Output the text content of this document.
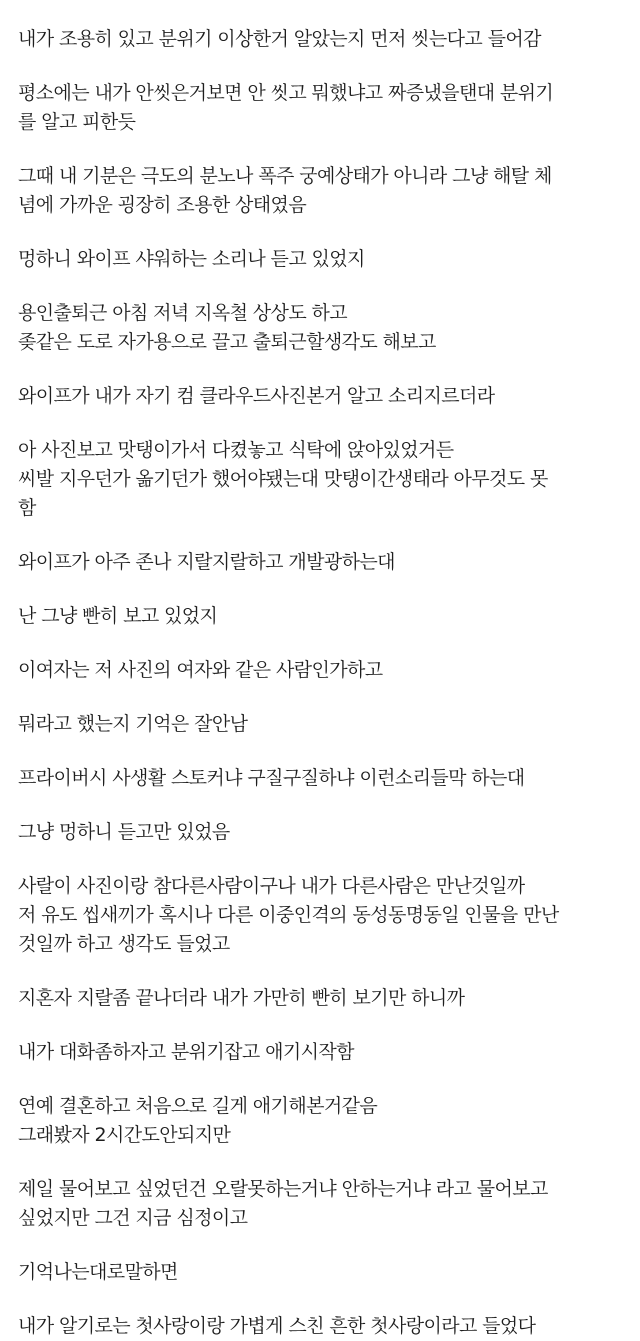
내가 조용히 있고 분위기 이상한거 알았는지 먼저 씻는다고 들어감
평소에는 내가 안씻은거보면 안 씻고 뭐했냐고 짜증냈을탠대 분위기
를 알고 피한듯
그때 내 기분은 극도의 분노나 폭주 궁예상태가 아니라 그냥 해탈 체
념에 가까운 굉장히 조용한 상태였음
멍하니 와이프 샤워하는 소리나 듣고 있었지
용인출퇴근 아침 저녁 지옥철 상상도 하고
좆같은 도로 자가용으로 끌고 출퇴근할생각도 해보고
와이프가 내가 자기 컴 클라우드사진본거 알고 소리지르더라
아 사진보고 맛탱이가서 다켰놓고 식탁에 앉아있었거든
씨발 지우던가 옮기던가 했어야됐는대 맛탱이간생태라 아무것도 못
함
와이프가 아주 존나 지랄지랄하고 개발광하는대
난 그냥 빤히 보고 있었지
이여자는 저 사진의 여자와 같은 사람인가하고
뭐라고 했는지 기억은 잘안남
프라이버시 사생활 스토커냐 구질구질하냐 이런소리들막 하는대
그냥 멍하니 듣고만 있었음
사랄이 사진이랑 참다른사람이구나 내가 다른사람은 만난것일까
저 유도 씹새끼가 혹시나 다른 이중인격의 동성동명동일 인물을 만난
것일까 하고 생각도 들었고
지혼자 지랄좀 끝나더라 내가 가만히 빤히 보기만 하니까
내가 대화좀하자고 분위기잡고 애기시작함
연예 결혼하고 처음으로 길게 애기해본거같음
그래봤자 2시간도안되지만
제일 물어보고 싶었던건 오랄못하는거냐 안하는거냐 라고 물어보고
싶었지만 그건 지금 심정이고
기억나는대로말하면
내가 알기로는 첫사랑이랑 가볍게 스친 흔한 첫사랑이라고 들었다
